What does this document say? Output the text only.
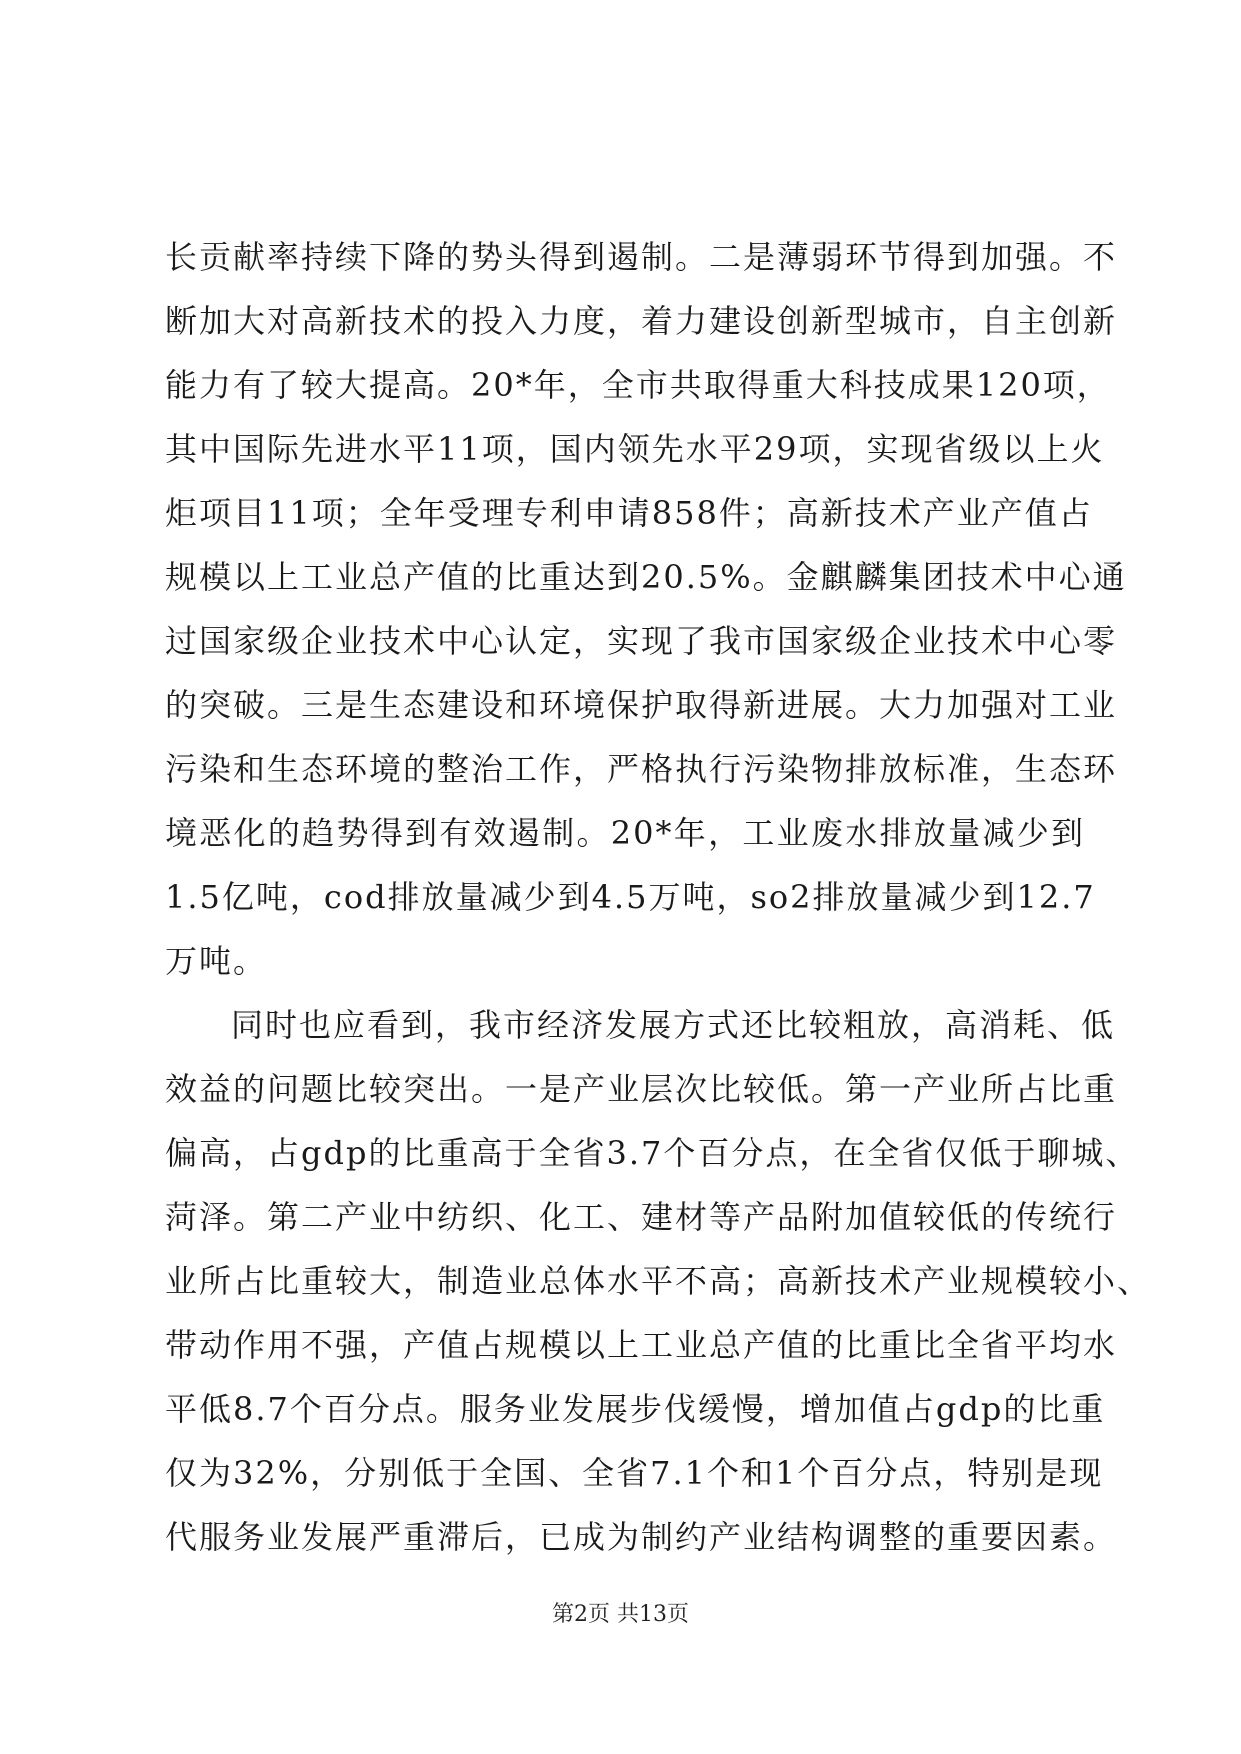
长贡献率持续下降的势头得到遏制。二是薄弱环节得到加强。不
断加大对高新技术的投入力度，着力建设创新型城市，自主创新
能力有了较大提高。20*年，全市共取得重大科技成果120项，
其中国际先进水平11项，国内领先水平29项，实现省级以上火
炬项目11项；全年受理专利申请858件；高新技术产业产值占
规模以上工业总产值的比重达到20.5%。金麒麟集团技术中心通
过国家级企业技术中心认定，实现了我市国家级企业技术中心零
的突破。三是生态建设和环境保护取得新进展。大力加强对工业
污染和生态环境的整治工作，严格执行污染物排放标准，生态环
境恶化的趋势得到有效遏制。20*年，工业废水排放量减少到
1.5亿吨，cod排放量减少到4.5万吨，so2排放量减少到12.7
万吨。
同时也应看到，我市经济发展方式还比较粗放，高消耗、低
效益的问题比较突出。一是产业层次比较低。第一产业所占比重
偏高，占gdp的比重高于全省3.7个百分点，在全省仅低于聊城、
菏泽。第二产业中纺织、化工、建材等产品附加值较低的传统行
业所占比重较大，制造业总体水平不高；高新技术产业规模较小、
带动作用不强，产值占规模以上工业总产值的比重比全省平均水
平低8.7个百分点。服务业发展步伐缓慢，增加值占gdp的比重
仅为32%，分别低于全国、全省7.1个和1个百分点，特别是现
代服务业发展严重滞后，已成为制约产业结构调整的重要因素。
第2页 共13页
